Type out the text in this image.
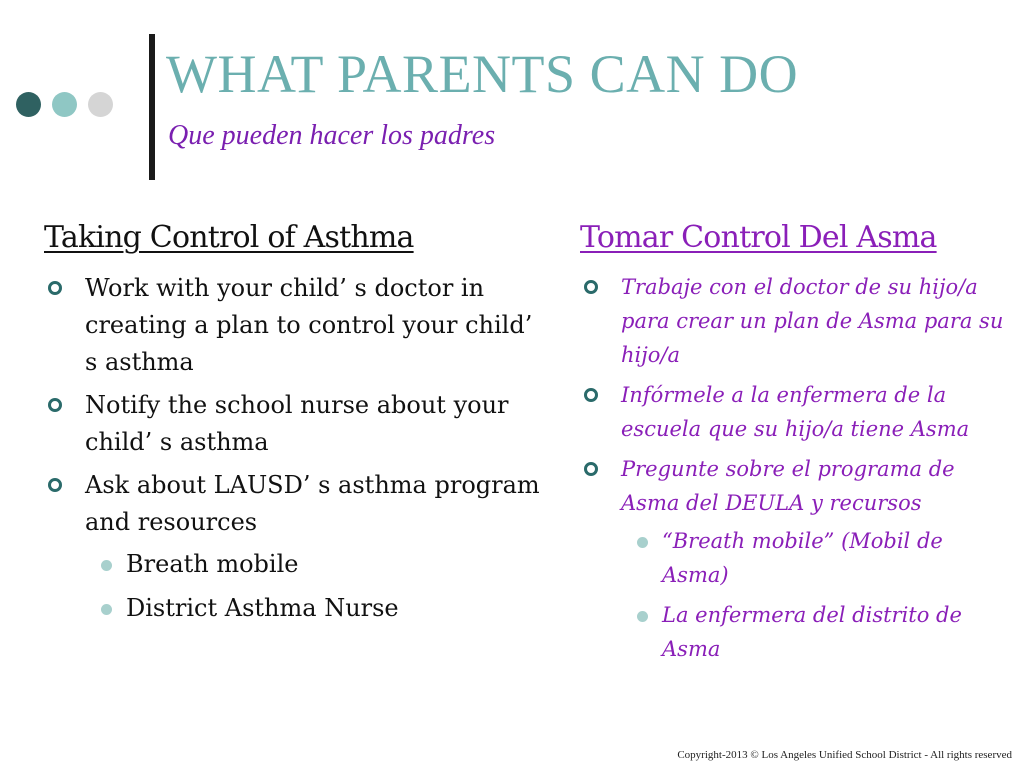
WHAT PARENTS CAN DO
Que pueden hacer los padres
Taking Control of Asthma
Work with your child’ s doctor in creating a plan to control your child’ s asthma
Notify the school nurse about your child’ s asthma
Ask about LAUSD’ s asthma program and resources
Breath mobile
District Asthma Nurse
Tomar Control Del Asma
Trabaje con el doctor de su hijo/a para crear un plan de Asma para su hijo/a
Infórmele a la enfermera de la escuela que su hijo/a tiene Asma
Pregunte sobre el programa de Asma del DEULA y recursos
“Breath mobile” (Mobil de Asma)
La enfermera del distrito de Asma
Copyright-2013 © Los Angeles Unified School District - All rights reserved
